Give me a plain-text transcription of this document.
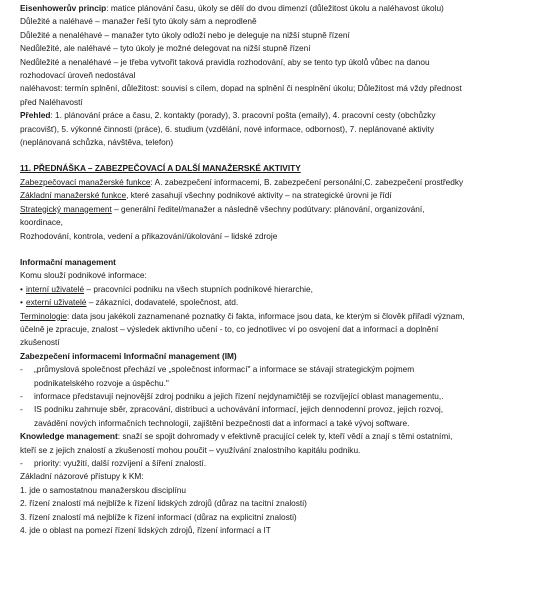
Eisenhowerův princip: matice plánování času, úkoly se dělí do dvou dimenzí (důležitost úkolu a naléhavost úkolu)
Důležité a naléhavé – manažer řeší tyto úkoly sám a neprodleně
Důležité a nenaléhavé – manažer tyto úkoly odloží nebo je deleguje na nižší stupně řízení
Nedůležité, ale naléhavé – tyto úkoly je možné delegovat na nižší stupně řízení
Nedůležité a nenaléhavé – je třeba vytvořit taková pravidla rozhodování, aby se tento typ úkolů vůbec na danou
rozhodovací úroveň nedostával
naléhavost: termín splnění, důležitost: souvisí s cílem, dopad na splnění či nesplnění úkolu; Důležitost má vždy přednost
před Naléhavostí
Přehled: 1. plánování práce a času, 2. kontakty (porady), 3. pracovní pošta (emaily), 4. pracovní cesty (obchůzky
pracovišť), 5. výkonné činnosti (práce), 6. studium (vzdělání, nové informace, odbornost), 7. neplánované aktivity
(neplánovaná schůzka, návštěva, telefon)
11. PŘEDNÁŠKA – ZABEZPEČOVACÍ A DALŠÍ MANAŽERSKÉ AKTIVITY
Zabezpečovací manažerské funkce: A. zabezpečení informacemi, B. zabezpečení personální,C. zabezpečení prostředky
Základní manažerské funkce, které zasahují všechny podnikové aktivity – na strategické úrovni je řídí
Strategický management – generální ředitel/manažer a následně všechny podútvary: plánování, organizování,
koordinace,
Rozhodování, kontrola, vedení a přikazování/úkolování – lidské zdroje
Informační management
Komu slouží podnikové informace:
• interní uživatelé – pracovníci podniku na všech stupních podnikové hierarchie,
• externí uživatelé – zákazníci, dodavatelé, společnost, atd.
Terminologie: data jsou jakékoli zaznamenané poznatky či fakta, informace jsou data, ke kterým si člověk přiřadí význam,
účelně je zpracuje, znalost – výsledek aktivního učení - to, co jednotlivec ví po osvojení dat a informací a doplnění
zkušeností
Zabezpečení informacemi Informační management (IM)
-	„průmyslová společnost přechází ve „společnost informací" a informace se stávají strategickým pojmem
podnikatelského rozvoje a úspěchu."
-	informace představují nejnovější zdroj podniku a jejich řízení nejdynamičtěji se rozvíjející oblast managementu,.
-	IS podniku zahrnuje sběr, zpracování, distribuci a uchovávání informací, jejich dennodenní provoz, jejich rozvoj,
zavádění nových informačních technologií, zajištění bezpečnosti dat a informací a také vývoj software.
Knowledge management: snaží se spojit dohromady v efektivně pracující celek ty, kteří vědí a znají s těmi ostatními,
kteří se z jejich znalostí a zkušeností mohou poučit – využívání znalostního kapitálu podniku.
-	priority: využití, další rozvíjení a šíření znalostí.
Základní názorové přístupy k KM:
1. jde o samostatnou manažerskou disciplínu
2. řízení znalostí má nejblíže k řízení lidských zdrojů (důraz na tacitní znalosti)
3. řízení znalostí má nejblíže k řízení informací (důraz na explicitní znalosti)
4. jde o oblast na pomezí řízení lidských zdrojů, řízení informací a IT
